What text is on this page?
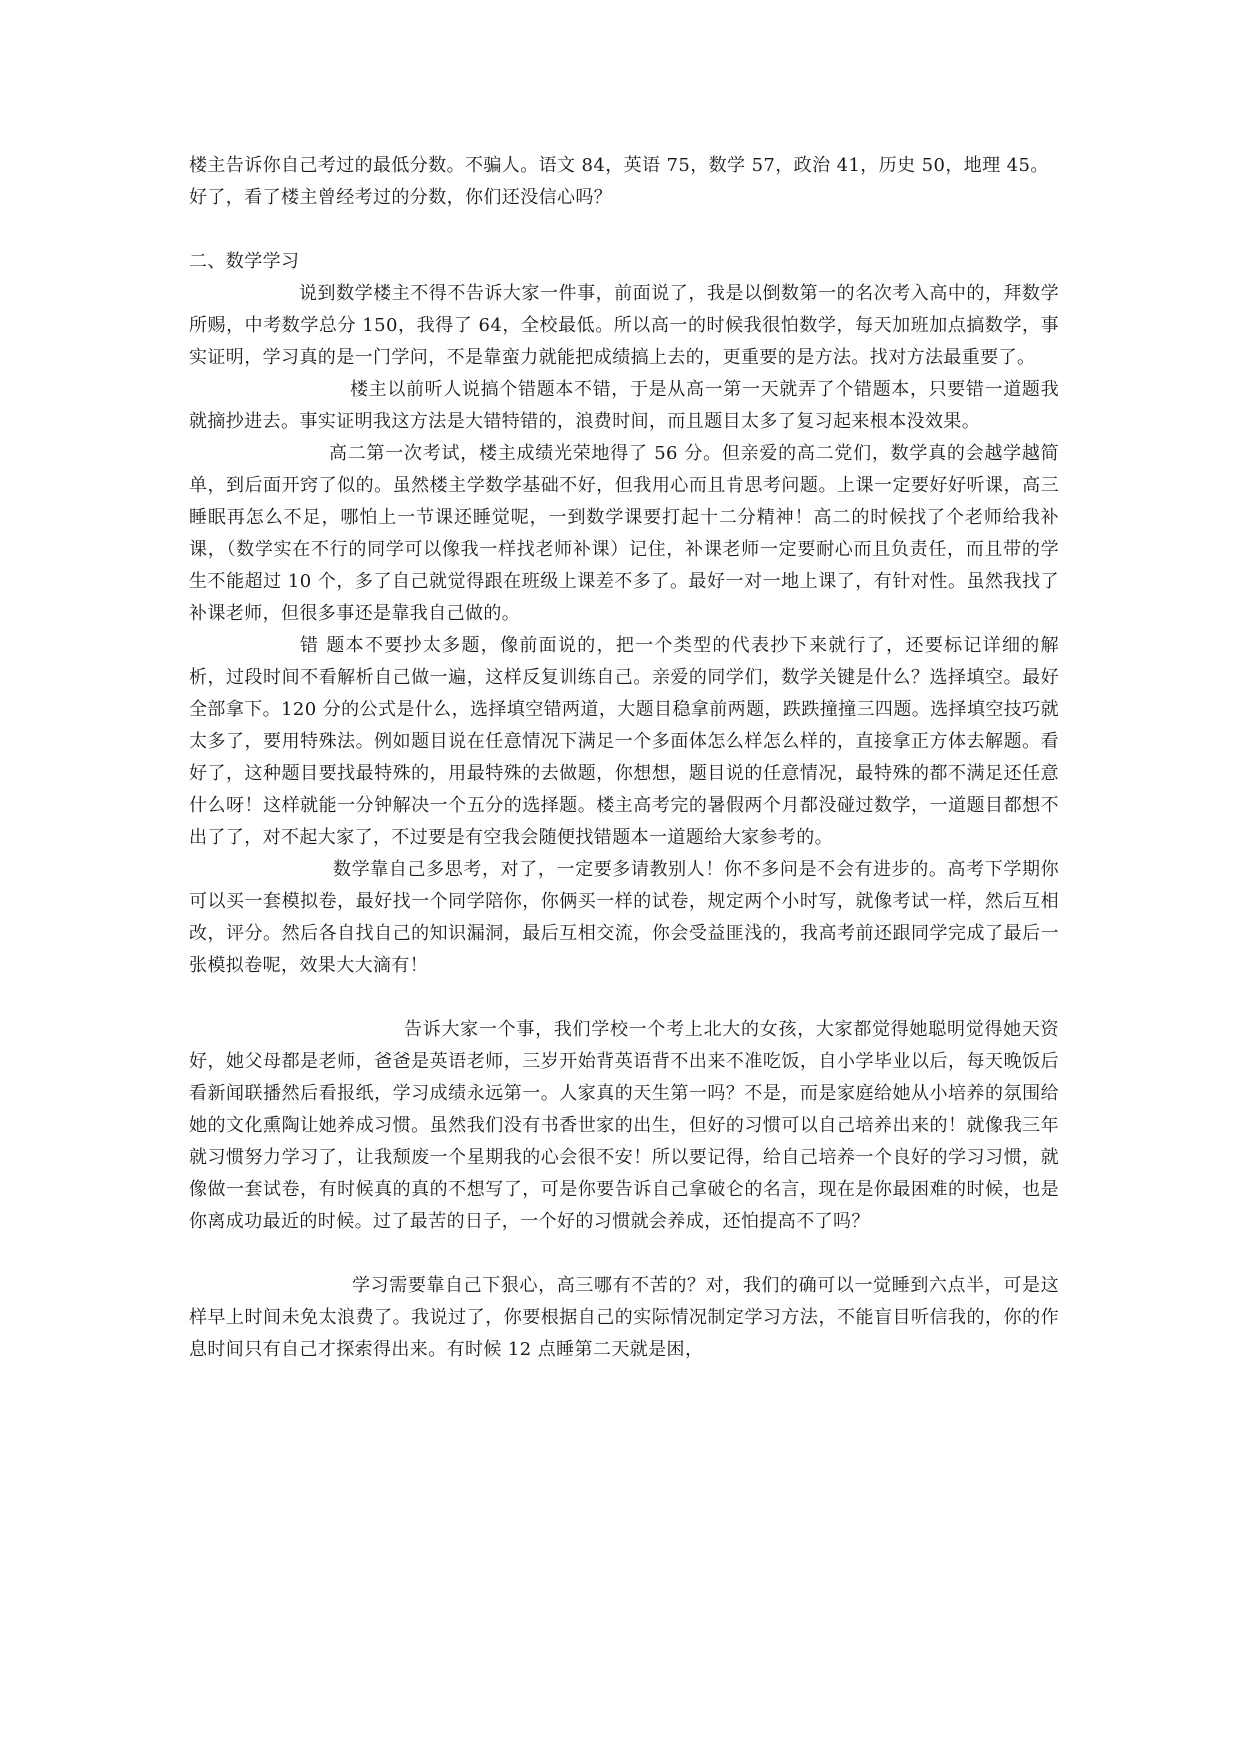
楼主告诉你自己考过的最低分数。不骗人。语文 84，英语 75，数学 57，政治 41，历史 50，地理 45。

好了，看了楼主曾经考过的分数，你们还没信心吗？

二、数学学习

说到数学楼主不得不告诉大家一件事，前面说了，我是以倒数第一的名次考入高中的，拜数学所赐，中考数学总分 150，我得了 64，全校最低。所以高一的时候我很怕数学，每天加班加点搞数学，事实证明，学习真的是一门学问，不是靠蛮力就能把成绩搞上去的，更重要的是方法。找对方法最重要了。

楼主以前听人说搞个错题本不错，于是从高一第一天就弄了个错题本，只要错一道题我就摘抄进去。事实证明我这方法是大错特错的，浪费时间，而且题目太多了复习起来根本没效果。

高二第一次考试，楼主成绩光荣地得了 56 分。但亲爱的高二党们，数学真的会越学越简单，到后面开窍了似的。虽然楼主学数学基础不好，但我用心而且肯思考问题。上课一定要好好听课，高三睡眠再怎么不足，哪怕上一节课还睡觉呢，一到数学课要打起十二分精神！高二的时候找了个老师给我补课，（数学实在不行的同学可以像我一样找老师补课）记住，补课老师一定要耐心而且负责任，而且带的学生不能超过 10 个，多了自己就觉得跟在班级上课差不多了。最好一对一地上课了，有针对性。虽然我找了补课老师，但很多事还是靠我自己做的。

错 题本不要抄太多题，像前面说的，把一个类型的代表抄下来就行了，还要标记详细的解析，过段时间不看解析自己做一遍，这样反复训练自己。亲爱的同学们，数学关键是什么？选择填空。最好全部拿下。120 分的公式是什么，选择填空错两道，大题目稳拿前两题，跌跌撞撞三四题。选择填空技巧就太多了，要用特殊法。例如题目说在任意情况下满足一个多面体怎么样怎么样的，直接拿正方体去解题。看好了，这种题目要找最特殊的，用最特殊的去做题，你想想，题目说的任意情况，最特殊的都不满足还任意什么呀！这样就能一分钟解决一个五分的选择题。楼主高考完的暑假两个月都没碰过数学，一道题目都想不出了了，对不起大家了，不过要是有空我会随便找错题本一道题给大家参考的。

数学靠自己多思考，对了，一定要多请教别人！你不多问是不会有进步的。高考下学期你可以买一套模拟卷，最好找一个同学陪你，你俩买一样的试卷，规定两个小时写，就像考试一样，然后互相改，评分。然后各自找自己的知识漏洞，最后互相交流，你会受益匪浅的，我高考前还跟同学完成了最后一张模拟卷呢，效果大大滴有！

告诉大家一个事，我们学校一个考上北大的女孩，大家都觉得她聪明觉得她天资好，她父母都是老师，爸爸是英语老师，三岁开始背英语背不出来不准吃饭，自小学毕业以后，每天晚饭后看新闻联播然后看报纸，学习成绩永远第一。人家真的天生第一吗？不是，而是家庭给她从小培养的氛围给她的文化熏陶让她养成习惯。虽然我们没有书香世家的出生，但好的习惯可以自己培养出来的！就像我三年就习惯努力学习了，让我颓废一个星期我的心会很不安！所以要记得，给自己培养一个良好的学习习惯，就像做一套试卷，有时候真的真的不想写了，可是你要告诉自己拿破仑的名言，现在是你最困难的时候，也是你离成功最近的时候。过了最苦的日子，一个好的习惯就会养成，还怕提高不了吗？

学习需要靠自己下狠心，高三哪有不苦的？对，我们的确可以一觉睡到六点半，可是这样早上时间未免太浪费了。我说过了，你要根据自己的实际情况制定学习方法，不能盲目听信我的，你的作息时间只有自己才探索得出来。有时候 12 点睡第二天就是困，
